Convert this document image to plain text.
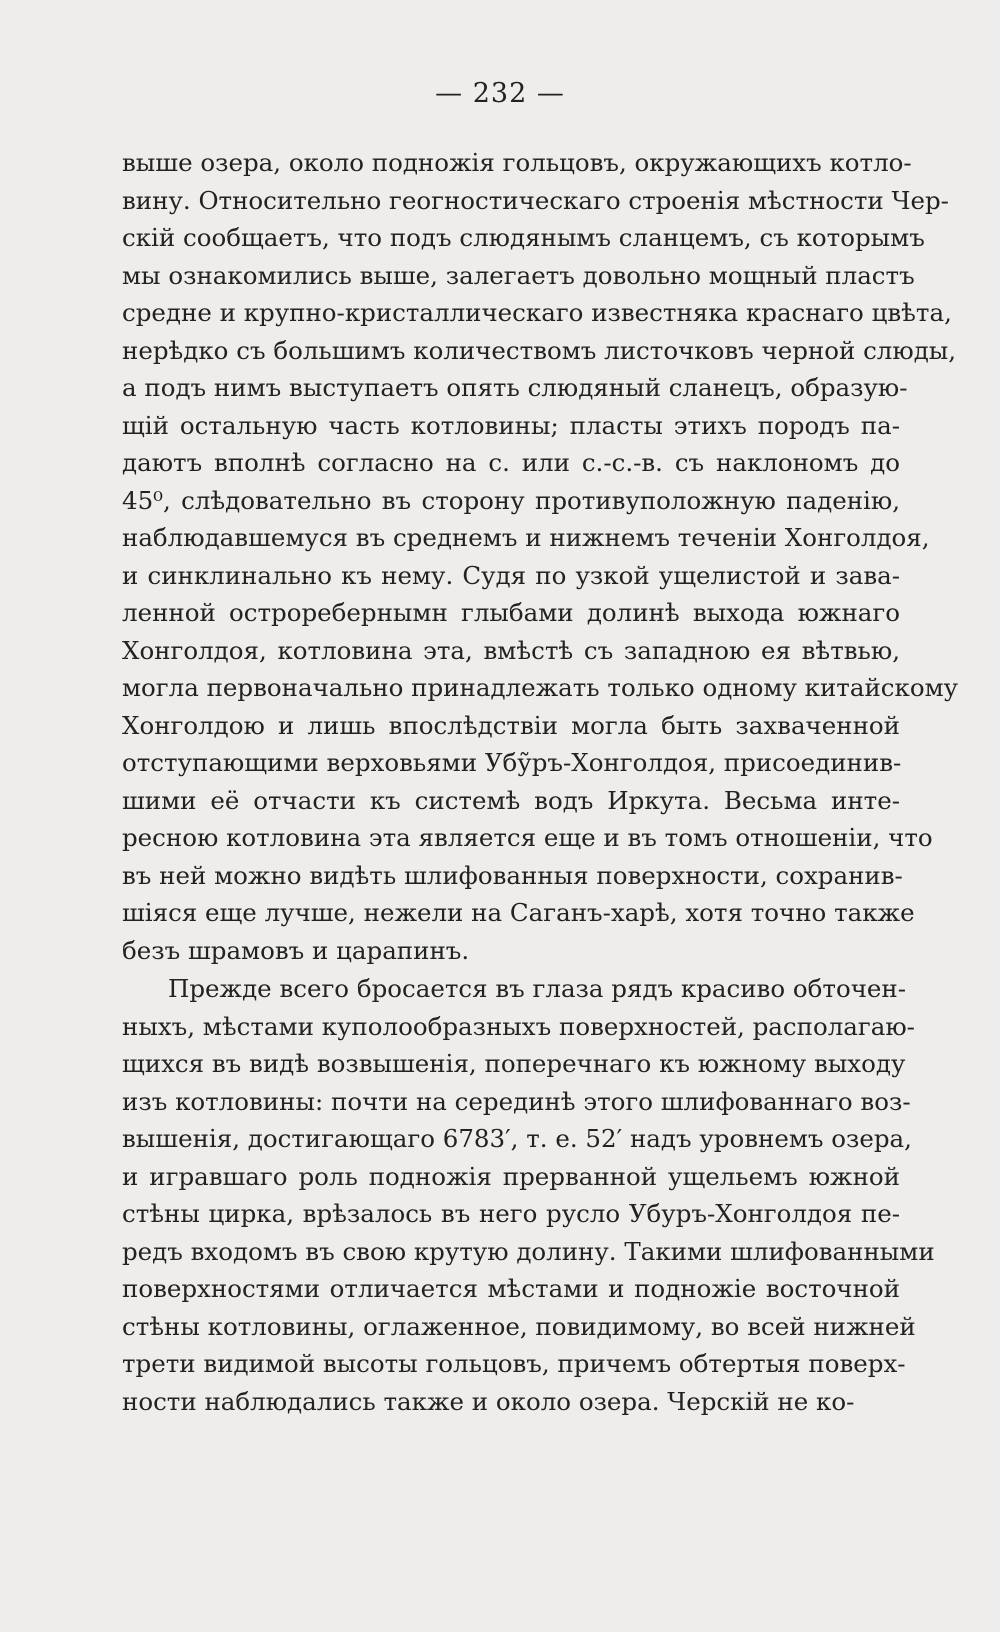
— 232 —
выше озера, около подножія гольцовъ, окружающихъ котло-
вину. Относительно геогностическаго строенія мѣстности Чер-
скій сообщаетъ, что подъ слюдянымъ сланцемъ, съ которымъ
мы ознакомились выше, залегаетъ довольно мощный пластъ
средне и крупно-кристаллическаго известняка краснаго цвѣта,
нерѣдко съ большимъ количествомъ листочковъ черной слюды,
а подъ нимъ выступаетъ опять слюдяный сланецъ, образую-
щій остальную часть котловины; пласты этихъ породъ па-
даютъ вполнѣ согласно на с. или с.-с.-в. съ наклономъ до
45⁰, слѣдовательно въ сторону противуположную паденію,
наблюдавшемуся въ среднемъ и нижнемъ теченіи Хонголдоя,
и синклинально къ нему. Судя по узкой ущелистой и зава-
ленной остроребернымн глыбами долинѣ выхода южнаго
Хонголдоя, котловина эта, вмѣстѣ съ западною ея вѣтвью,
могла первоначально принадлежать только одному китайскому
Хонголдою и лишь впослѣдствіи могла быть захваченной
отступающими верховьями Убу̃ръ-Хонголдоя, присоединив-
шими её отчасти къ системѣ водъ Иркута. Весьма инте-
ресною котловина эта является еще и въ томъ отношеніи, что
въ ней можно видѣть шлифованныя поверхности, сохранив-
шіяся еще лучше, нежели на Саганъ-харѣ, хотя точно также
безъ шрамовъ и царапинъ.
Прежде всего бросается въ глаза рядъ красиво обточен-
ныхъ, мѣстами куполообразныхъ поверхностей, располагаю-
щихся въ видѣ возвышенія, поперечнаго къ южному выходу
изъ котловины: почти на серединѣ этого шлифованнаго воз-
вышенія, достигающаго 6783′, т. е. 52′ надъ уровнемъ озера,
и игравшаго роль подножія прерванной ущельемъ южной
стѣны цирка, врѣзалось въ него русло Убуръ-Хонголдоя пе-
редъ входомъ въ свою крутую долину. Такими шлифованными
поверхностями отличается мѣстами и подножіе восточной
стѣны котловины, оглаженное, повидимому, во всей нижней
трети видимой высоты гольцовъ, причемъ обтертыя поверх-
ности наблюдались также и около озера. Черскій не ко-
